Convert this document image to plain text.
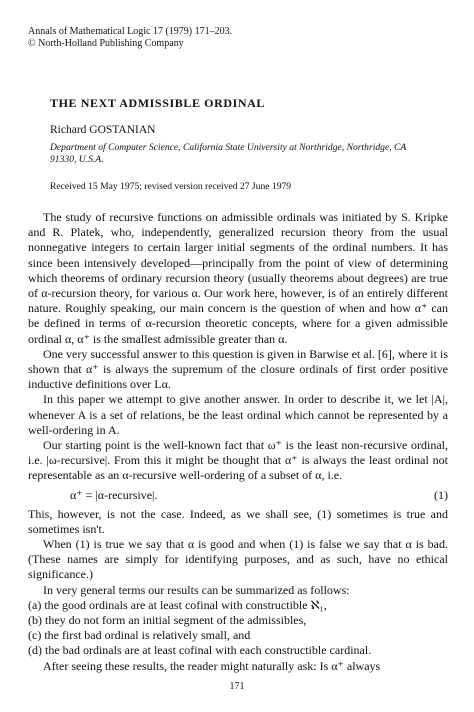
Annals of Mathematical Logic 17 (1979) 171–203.
© North-Holland Publishing Company
THE NEXT ADMISSIBLE ORDINAL
Richard GOSTANIAN
Department of Computer Science, California State University at Northridge, Northridge, CA
91330, U.S.A.
Received 15 May 1975; revised version received 27 June 1979

The study of recursive functions on admissible ordinals was initiated by S. Kripke and R. Platek, who, independently, generalized recursion theory from the usual nonnegative integers to certain larger initial segments of the ordinal numbers. It has since been intensively developed—principally from the point of view of determining which theorems of ordinary recursion theory (usually theorems about degrees) are true of α-recursion theory, for various α. Our work here, however, is of an entirely different nature. Roughly speaking, our main concern is the question of when and how α⁺ can be defined in terms of α-recursion theoretic concepts, where for a given admissible ordinal α, α⁺ is the smallest admissible greater than α.

One very successful answer to this question is given in Barwise et al. [6], where it is shown that α⁺ is always the supremum of the closure ordinals of first order positive inductive definitions over Lα.

In this paper we attempt to give another answer. In order to describe it, we let |A|, whenever A is a set of relations, be the least ordinal which cannot be represented by a well-ordering in A.

Our starting point is the well-known fact that ω⁺ is the least non-recursive ordinal, i.e. |ω-recursive|. From this it might be thought that α⁺ is always the least ordinal not representable as an α-recursive well-ordering of a subset of α, i.e.

α⁺ = |α-recursive|.	(1)

This, however, is not the case. Indeed, as we shall see, (1) sometimes is true and sometimes isn't.

When (1) is true we say that α is good and when (1) is false we say that α is bad. (These names are simply for identifying purposes, and as such, have no ethical significance.)

In very general terms our results can be summarized as follows:

(a) the good ordinals are at least cofinal with constructible ℵ₁,
(b) they do not form an initial segment of the admissibles,
(c) the first bad ordinal is relatively small, and
(d) the bad ordinals are at least cofinal with each constructible cardinal.

After seeing these results, the reader might naturally ask: Is α⁺ always

171
